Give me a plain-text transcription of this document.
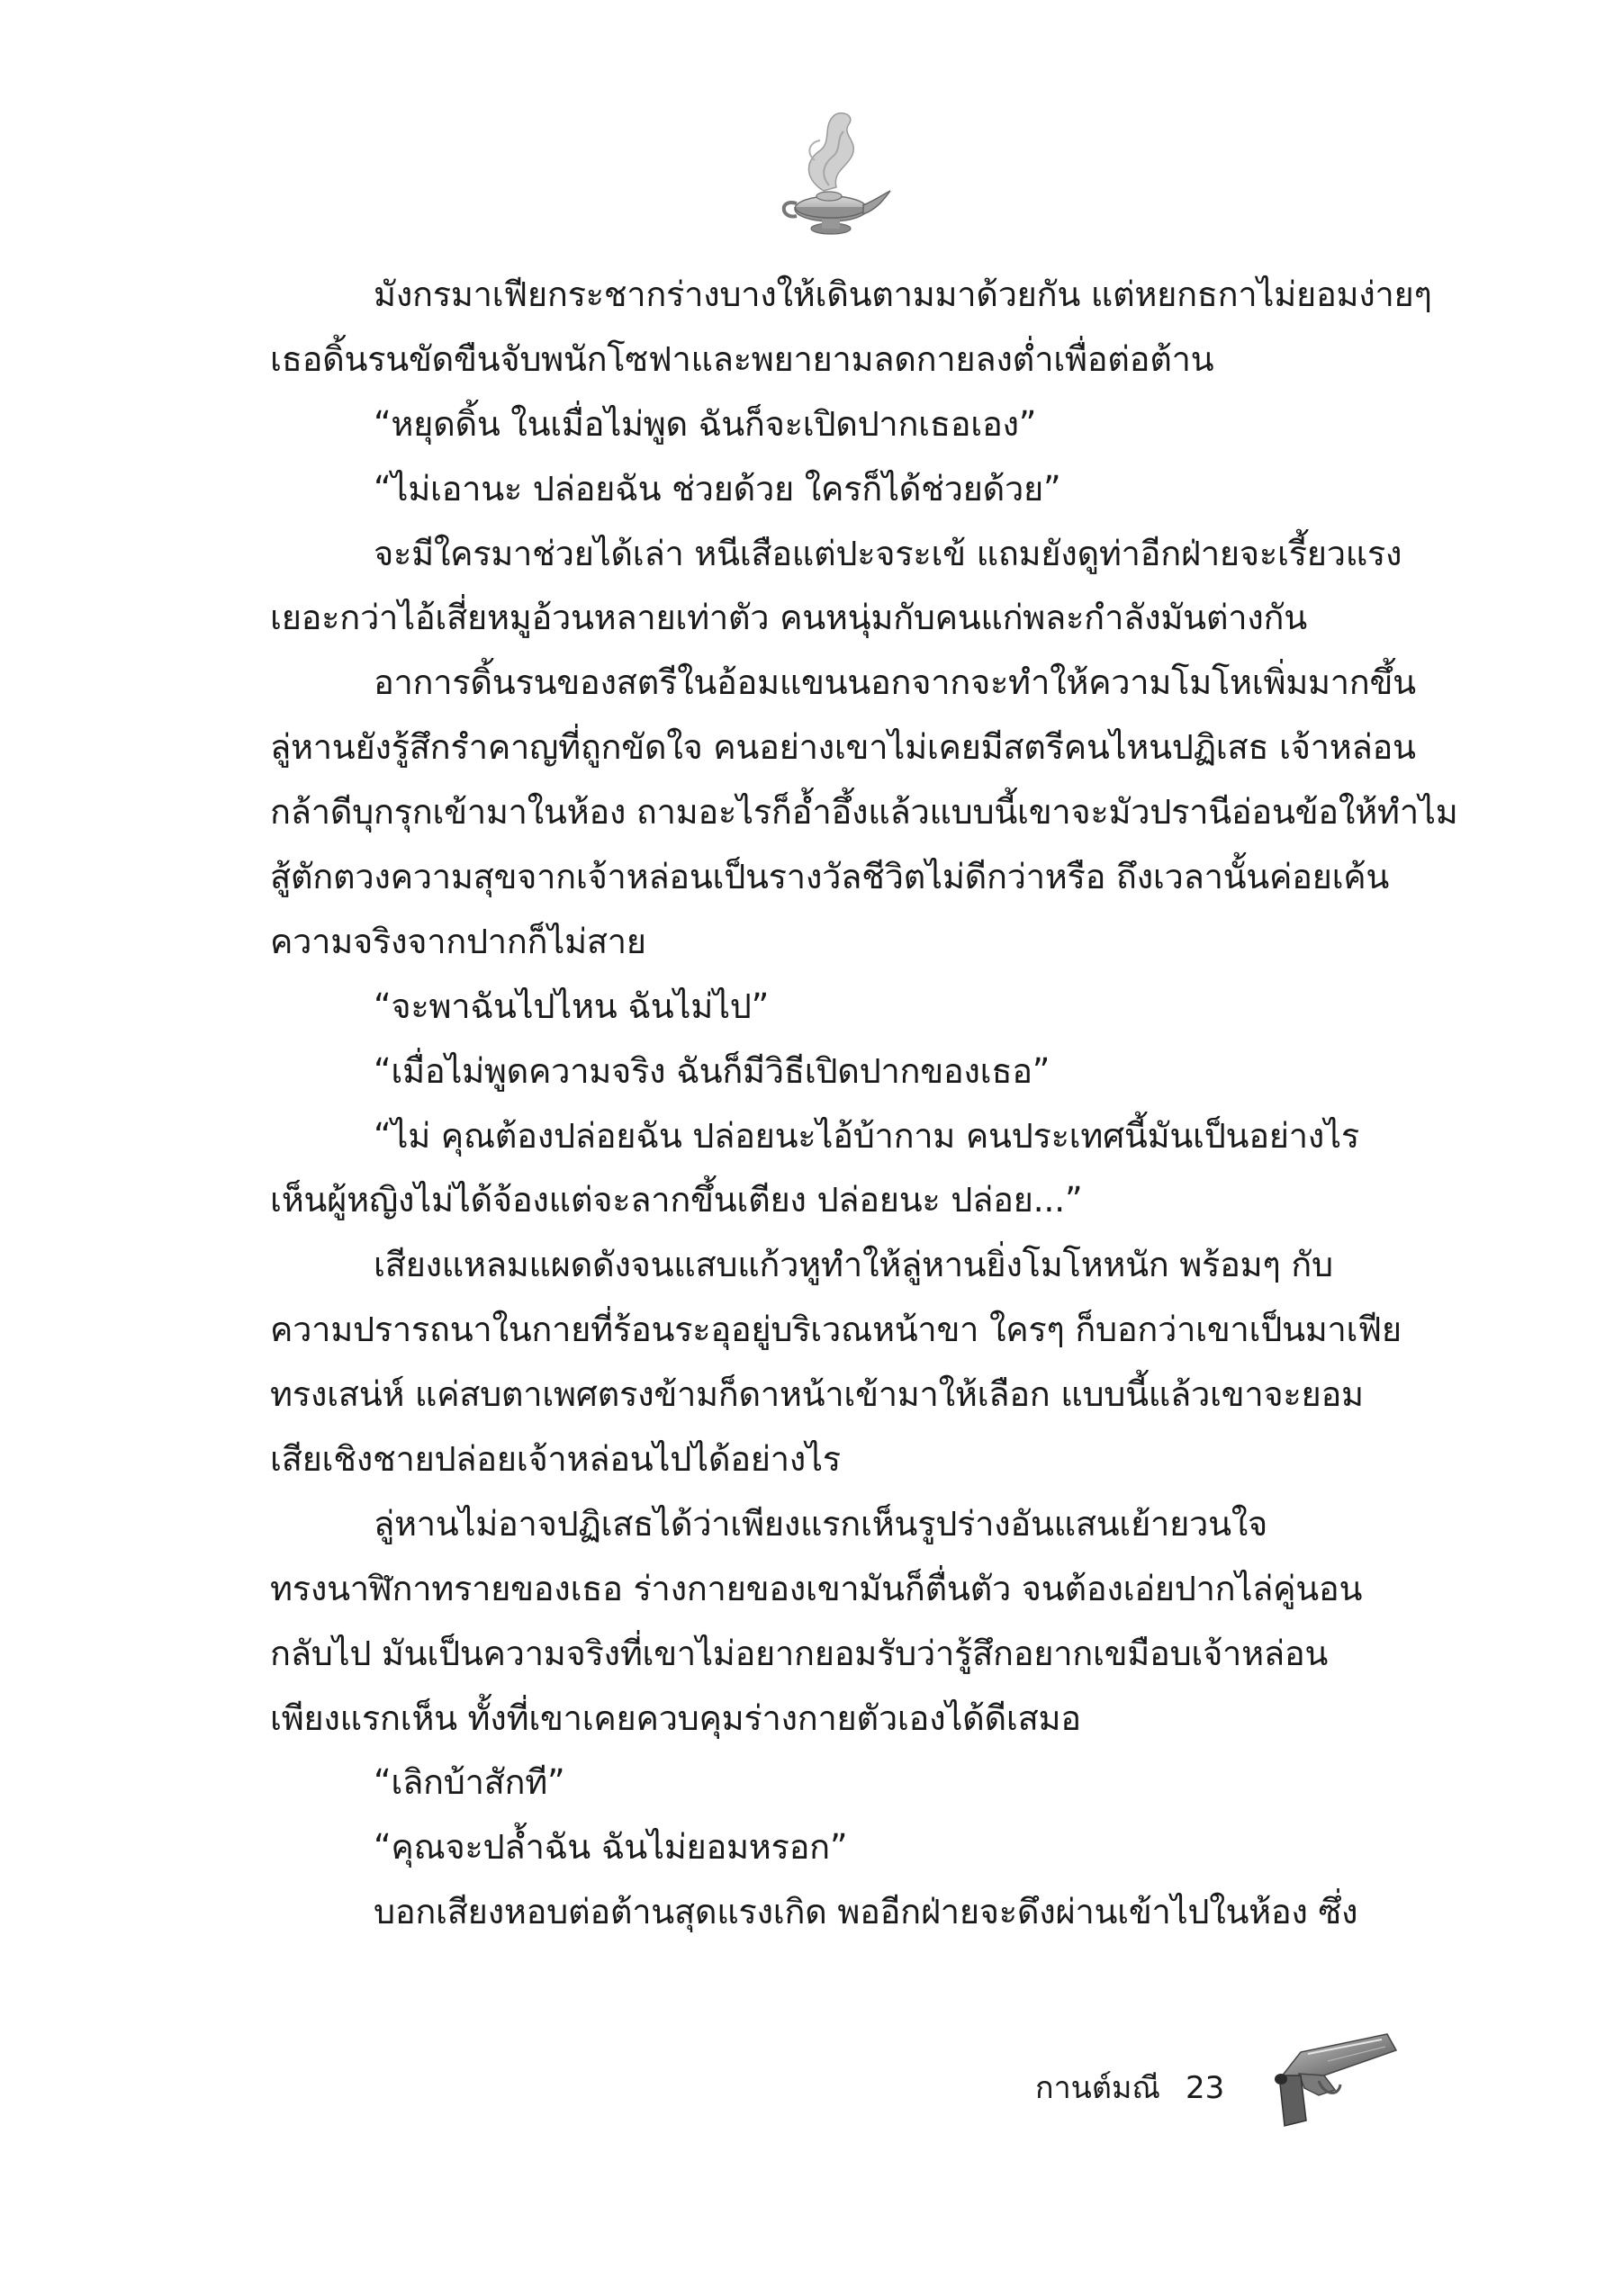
มังกรมาเฟียกระชากร่างบางให้เดินตามมาด้วยกัน แต่หยกธกาไม่ยอมง่ายๆ
เธอดิ้นรนขัดขืนจับพนักโซฟาและพยายามลดกายลงต่ำเพื่อต่อต้าน
“หยุดดิ้น ในเมื่อไม่พูด ฉันก็จะเปิดปากเธอเอง”
“ไม่เอานะ ปล่อยฉัน ช่วยด้วย ใครก็ได้ช่วยด้วย”
จะมีใครมาช่วยได้เล่า หนีเสือแต่ปะจระเข้ แถมยังดูท่าอีกฝ่ายจะเรี้ยวแรง
เยอะกว่าไอ้เสี่ยหมูอ้วนหลายเท่าตัว คนหนุ่มกับคนแก่พละกำลังมันต่างกัน
อาการดิ้นรนของสตรีในอ้อมแขนนอกจากจะทำให้ความโมโหเพิ่มมากขึ้น
ลู่หานยังรู้สึกรำคาญที่ถูกขัดใจ คนอย่างเขาไม่เคยมีสตรีคนไหนปฏิเสธ เจ้าหล่อน
กล้าดีบุกรุกเข้ามาในห้อง ถามอะไรก็อ้ำอึ้งแล้วแบบนี้เขาจะมัวปรานีอ่อนข้อให้ทำไม
สู้ตักตวงความสุขจากเจ้าหล่อนเป็นรางวัลชีวิตไม่ดีกว่าหรือ ถึงเวลานั้นค่อยเค้น
ความจริงจากปากก็ไม่สาย
“จะพาฉันไปไหน ฉันไม่ไป”
“เมื่อไม่พูดความจริง ฉันก็มีวิธีเปิดปากของเธอ”
“ไม่ คุณต้องปล่อยฉัน ปล่อยนะไอ้บ้ากาม คนประเทศนี้มันเป็นอย่างไร
เห็นผู้หญิงไม่ได้จ้องแต่จะลากขึ้นเตียง ปล่อยนะ ปล่อย...”
เสียงแหลมแผดดังจนแสบแก้วหูทำให้ลู่หานยิ่งโมโหหนัก พร้อมๆ กับ
ความปรารถนาในกายที่ร้อนระอุอยู่บริเวณหน้าขา ใครๆ ก็บอกว่าเขาเป็นมาเฟีย
ทรงเสน่ห์ แค่สบตาเพศตรงข้ามก็ดาหน้าเข้ามาให้เลือก แบบนี้แล้วเขาจะยอม
เสียเชิงชายปล่อยเจ้าหล่อนไปได้อย่างไร
ลู่หานไม่อาจปฏิเสธได้ว่าเพียงแรกเห็นรูปร่างอันแสนเย้ายวนใจ
ทรงนาฬิกาทรายของเธอ ร่างกายของเขามันก็ตื่นตัว จนต้องเอ่ยปากไล่คู่นอน
กลับไป มันเป็นความจริงที่เขาไม่อยากยอมรับว่ารู้สึกอยากเขมือบเจ้าหล่อน
เพียงแรกเห็น ทั้งที่เขาเคยควบคุมร่างกายตัวเองได้ดีเสมอ
“เลิกบ้าสักที”
“คุณจะปล้ำฉัน ฉันไม่ยอมหรอก”
บอกเสียงหอบต่อต้านสุดแรงเกิด พออีกฝ่ายจะดึงผ่านเข้าไปในห้อง ซึ่ง
กานต์มณี 23
